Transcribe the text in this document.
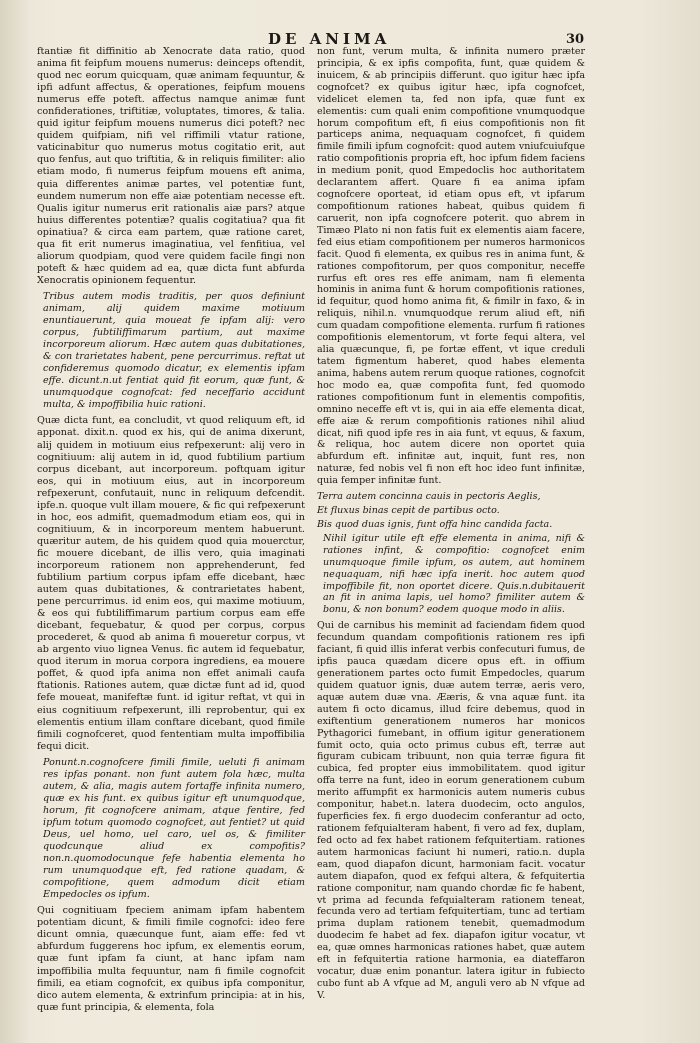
DE ANIMA	30

ftantiæ fit diffinitio ab Xenocrate data ratio, quod anima fit feipfum mouens numerus: deinceps oftendit, quod nec eorum quicquam, quæ animam fequuntur, & ipfi adfunt affectus, & operationes, feipfum mouens numerus effe poteft. affectus namque animæ funt confiderationes, triftitiæ, voluptates, timores, & talia. quid igitur feipfum mouens numerus dici poteft? nec quidem quifpiam, nifi vel riffimili vtatur ratione, vaticinabitur quo numerus motus cogitatio erit, aut quo fenfus, aut quo triftitia, & in reliquis fimiliter: alio etiam modo, fi numerus feipfum mouens eft anima, quia differentes animæ partes, vel potentiæ funt, eundem numerum non effe aiæ potentiam necesse eft. Qualis igitur numerus erit rationalis aiæ pars? atque huius differentes potentiæ? qualis cogitatiua? qua fit opinatiua? & circa eam partem, quæ ratione caret, qua fit erit numerus imaginatiua, vel fenfitiua, vel aliorum quodpiam, quod vere quidem facile fingi non poteft & hæc quidem ad ea, quæ dicta funt abfurda Xenocratis opinionem fequentur.

Tribus autem modis traditis, per quos definiunt animam, alij quidem maxime motiuum enuntiauerunt, quia moueat fe ipfam alij: vero corpus, fubtiliffimarum partium, aut maxime incorporeum aliorum. Hæc autem quas dubitationes, & con trarietates habent, pene percurrimus. reftat ut confideremus quomodo dicatur, ex elementis ipfam effe. dicunt.n.ut fentiat quid fit eorum, quæ funt, & unumquodque cognofcat: fed neceffario accidunt multa, & impoffibilia huic rationi.

Quæ dicta funt, ea concludit, vt quod reliquum eft, id apponat. dixit.n. quod ex his, qui de anima dixerunt, alij quidem in motiuum eius refpexerunt: alij vero in cognitiuum: alij autem in id, quod fubtilium partium corpus dicebant, aut incorporeum. poftquam igitur eos, qui in motiuum eius, aut in incorporeum refpexerunt, confutauit, nunc in reliquum defcendit. ipfe.n. quoque vult illam mouere, & fic qui refpexerunt in hoc, eos admifit, quemadmodum etiam eos, qui in cognitiuum, & in incorporeum mentem habuerunt. quæritur autem, de his quidem quod quia mouerctur, fic mouere dicebant, de illis vero, quia imaginati incorporeum rationem non apprehenderunt, fed fubtilium partium corpus ipfam effe dicebant, hæc autem quas dubitationes, & contrarietates habent, pene percurrimus. id enim eos, qui maxime motiuum, & eos qui fubtiliffimarum partium corpus eam effe dicebant, fequebatur, & quod per corpus, corpus procederet, & quod ab anima fi moueretur corpus, vt ab argento viuo lignea Venus. fic autem id fequebatur, quod iterum in morua corpora ingrediens, ea mouere poffet, & quod ipfa anima non effet animali caufa ftationis. Rationes autem, quæ dictæ funt ad id, quod fefe moueat, manifeftæ funt. id igitur reftat, vt qui in eius cognitiuum refpexerunt, illi reprobentur, qui ex elementis entium illam conftare dicebant, quod fimile fimili cognofceret, quod fententiam multa impoffibilia fequi dicit.

Ponunt.n.cognofcere fimili fimile, ueluti fi animam res ipfas ponant. non funt autem fola hæc, multa autem, & alia, magis autem fortaffe infinita numero, quæ ex his funt. ex quibus igitur eft unumquodque, horum, fit cognofcere animam, atque fentire, fed ipfum totum quomodo cognofcet, aut fentiet? ut quid Deus, uel homo, uel caro, uel os, & fimiliter quodcunque aliud ex compofitis? non.n.quomodocunque fefe habentia elementa ho rum unumquodque eft, fed ratione quadam, & compofitione, quem admodum dicit etiam Empedocles os ipfum.

Qui cognitiuam fpeciem animam ipfam habentem potentiam dicunt, & fimili fimile cognofci: ideo fere dicunt omnia, quæcunque funt, aiam effe: fed vt abfurdum fuggerens hoc ipfum, ex elementis eorum, quæ funt ipfam fa ciunt, at hanc ipfam nam impoffibilia multa fequuntur, nam fi fimile cognofcit fimili, ea etiam cognofcit, ex quibus ipfa componitur, dico autem elementa, & extrinfum principia: at in his, quæ funt principia, & elementa, fola

non funt, verum multa, & infinita numero præter principia, & ex ipfis compofita, funt, quæ quidem & inuicem, & ab principiis differunt. quo igitur hæc ipfa cognofcet? ex quibus igitur hæc, ipfa cognofcet, videlicet elemen ta, fed non ipfa, quæ funt ex elementis: cum quali enim compofitione vnumquodque horum compofitum eft, fi eius compofitionis non fit particeps anima, nequaquam cognofcet, fi quidem fimile fimili ipfum cognofcit: quod autem vniufcuiufque ratio compofitionis propria eft, hoc ipfum fidem faciens in medium ponit, quod Empedoclis hoc authoritatem declarantem affert. Quare fi ea anima ipfam cognofcere oporteat, id etiam opus eft, vt ipfarum compofitionum rationes habeat, quibus quidem fi caruerit, non ipfa cognofcere poterit. quo abrem in Timæo Plato ni non fatis fuit ex elementis aiam facere, fed eius etiam compofitionem per numeros harmonicos facit. Quod fi elementa, ex quibus res in anima funt, & rationes compofitorum, per quos componitur, neceffe rurfus eft ores res effe animam, nam fi elementa hominis in anima funt & horum compofitionis rationes, id fequitur, quod homo anima fit, & fimilr in faxo, & in reliquis, nihil.n. vnumquodque rerum aliud eft, nifi cum quadam compofitione elementa. rurfum fi rationes compofitionis elementorum, vt forte fequi altera, vel alia quæcunque, fi, pe fortæ effent, vt ique creduli tatem figmentum haberet, quod habes elementa anima, habens autem rerum quoque rationes, cognofcit hoc modo ea, quæ compofita funt, fed quomodo rationes compofitionum funt in elementis compofitis, omnino neceffe eft vt is, qui in aia effe elementa dicat, effe aiæ & rerum compofitionis rationes nihil aliud dicat, nifi quod ipfe res in aia funt, vt equus, & faxum, & reliqua, hoc autem dicere non oportet quia abfurdum eft. infinitæ aut, inquit, funt res, non naturæ, fed nobis vel fi non eft hoc ideo funt infinitæ, quia femper infinitæ funt.

Terra autem concinna cauis in pectoris Aeglis,

Et fluxus binas cepit de partibus octo.

Bis quod duas ignis, funt offa hinc candida facta.

Nihil igitur utile eft effe elementa in anima, nifi & rationes infint, & compofitio: cognofcet enim unumquoque fimile ipfum, os autem, aut hominem nequaquam, nifi hæc ipfa inerit. hoc autem quod impoffibile fit, non oportet dicere. Quis.n.dubitauerit an fit in anima lapis, uel homo? fimiliter autem & bonu, & non bonum? eodem quoque modo in aliis.

Qui de carnibus his meminit ad faciendam fidem quod fecundum quandam compofitionis rationem res ipfi faciant, fi quid illis inferat verbis confecuturi fumus, de ipfis pauca quædam dicere opus eft. in offium generationem partes octo fumit Empedocles, quarum quidem quatuor ignis, duæ autem terræ, aeris vero, aquæ autem duæ vna. Ææris, & vna aquæ funt. ita autem fi octo dicamus, illud fcire debemus, quod in exiftentium generationem numeros har monicos Pythagorici fumebant, in offium igitur generationem fumit octo, quia octo primus cubus eft, terræ aut figuram cubicam tribuunt, non quia terræ figura fit cubica, fed propter eius immobilitatem. quod igitur offa terre na funt, ideo in eorum generationem cubum merito affumpfit ex harmonicis autem numeris cubus componitur, habet.n. latera duodecim, octo angulos, fuperficies fex. fi ergo duodecim conferantur ad octo, rationem fefquialteram habent, fi vero ad fex, duplam, fed octo ad fex habet rationem fefquitertiam. rationes autem harmonicas faciunt hi numeri, ratio.n. dupla eam, quod diapafon dicunt, harmoniam facit. vocatur autem diapafon, quod ex fefqui altera, & fefquitertia ratione componitur, nam quando chordæ fic fe habent, vt prima ad fecunda fefquialteram rationem teneat, fecunda vero ad tertiam fefquitertiam, tunc ad tertiam prima duplam rationem tenebit, quemadmodum duodecim fe habet ad fex. diapafon igitur vocatur, vt ea, quæ omnes harmonicas rationes habet, quæ autem eft in fefquitertia ratione harmonia, ea diateffaron vocatur, duæ enim ponantur. latera igitur in fubiecto cubo funt ab A vfque ad M, anguli vero ab N vfque ad V.
